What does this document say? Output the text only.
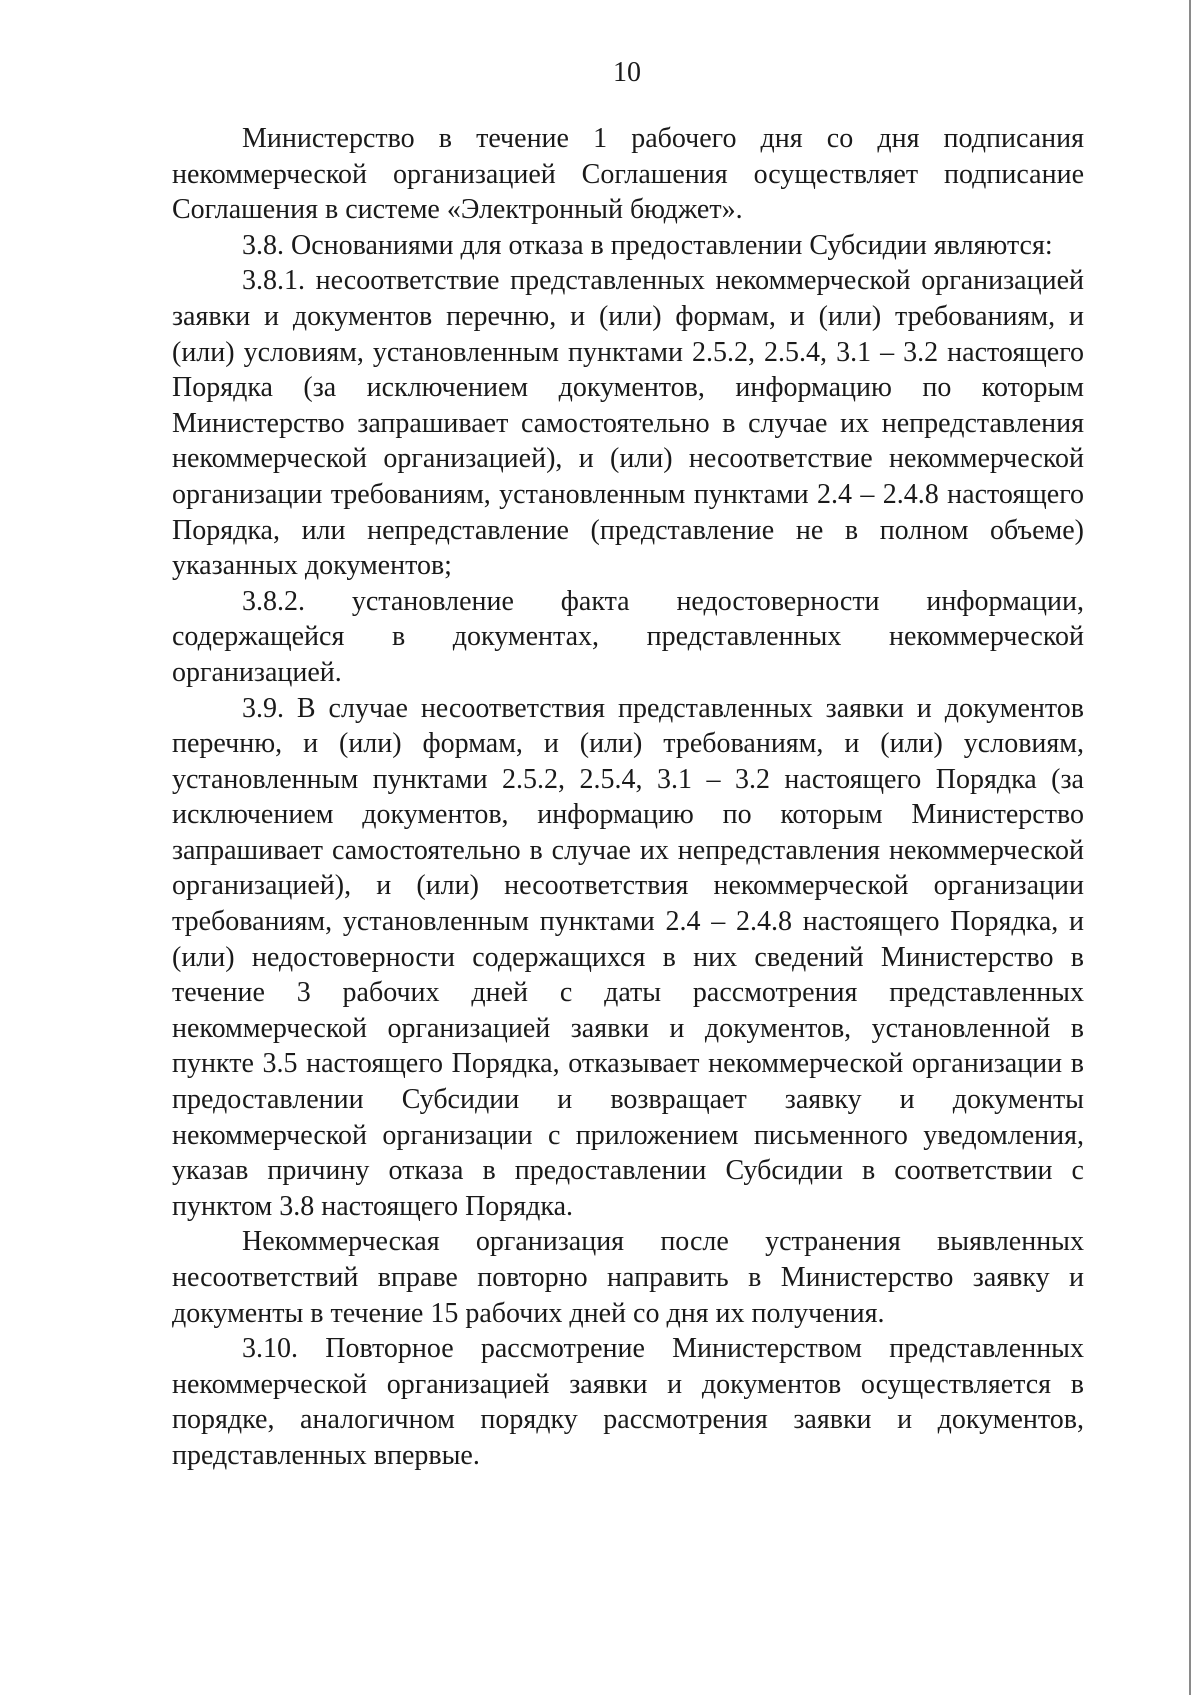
10

Министерство в течение 1 рабочего дня со дня подписания некоммерческой организацией Соглашения осуществляет подписание Соглашения в системе «Электронный бюджет».

3.8. Основаниями для отказа в предоставлении Субсидии являются:

3.8.1. несоответствие представленных некоммерческой организацией заявки и документов перечню, и (или) формам, и (или) требованиям, и (или) условиям, установленным пунктами 2.5.2, 2.5.4, 3.1 – 3.2 настоящего Порядка (за исключением документов, информацию по которым Министерство запрашивает самостоятельно в случае их непредставления некоммерческой организацией), и (или) несоответствие некоммерческой организации требованиям, установленным пунктами 2.4 – 2.4.8 настоящего Порядка, или непредставление (представление не в полном объеме) указанных документов;

3.8.2. установление факта недостоверности информации, содержащейся в документах, представленных некоммерческой организацией.

3.9. В случае несоответствия представленных заявки и документов перечню, и (или) формам, и (или) требованиям, и (или) условиям, установленным пунктами 2.5.2, 2.5.4, 3.1 – 3.2 настоящего Порядка (за исключением документов, информацию по которым Министерство запрашивает самостоятельно в случае их непредставления некоммерческой организацией), и (или) несоответствия некоммерческой организации требованиям, установленным пунктами 2.4 – 2.4.8 настоящего Порядка, и (или) недостоверности содержащихся в них сведений Министерство в течение 3 рабочих дней с даты рассмотрения представленных некоммерческой организацией заявки и документов, установленной в пункте 3.5 настоящего Порядка, отказывает некоммерческой организации в предоставлении Субсидии и возвращает заявку и документы некоммерческой организации с приложением письменного уведомления, указав причину отказа в предоставлении Субсидии в соответствии с пунктом 3.8 настоящего Порядка.

Некоммерческая организация после устранения выявленных несоответствий вправе повторно направить в Министерство заявку и документы в течение 15 рабочих дней со дня их получения.

3.10. Повторное рассмотрение Министерством представленных некоммерческой организацией заявки и документов осуществляется в порядке, аналогичном порядку рассмотрения заявки и документов, представленных впервые.
